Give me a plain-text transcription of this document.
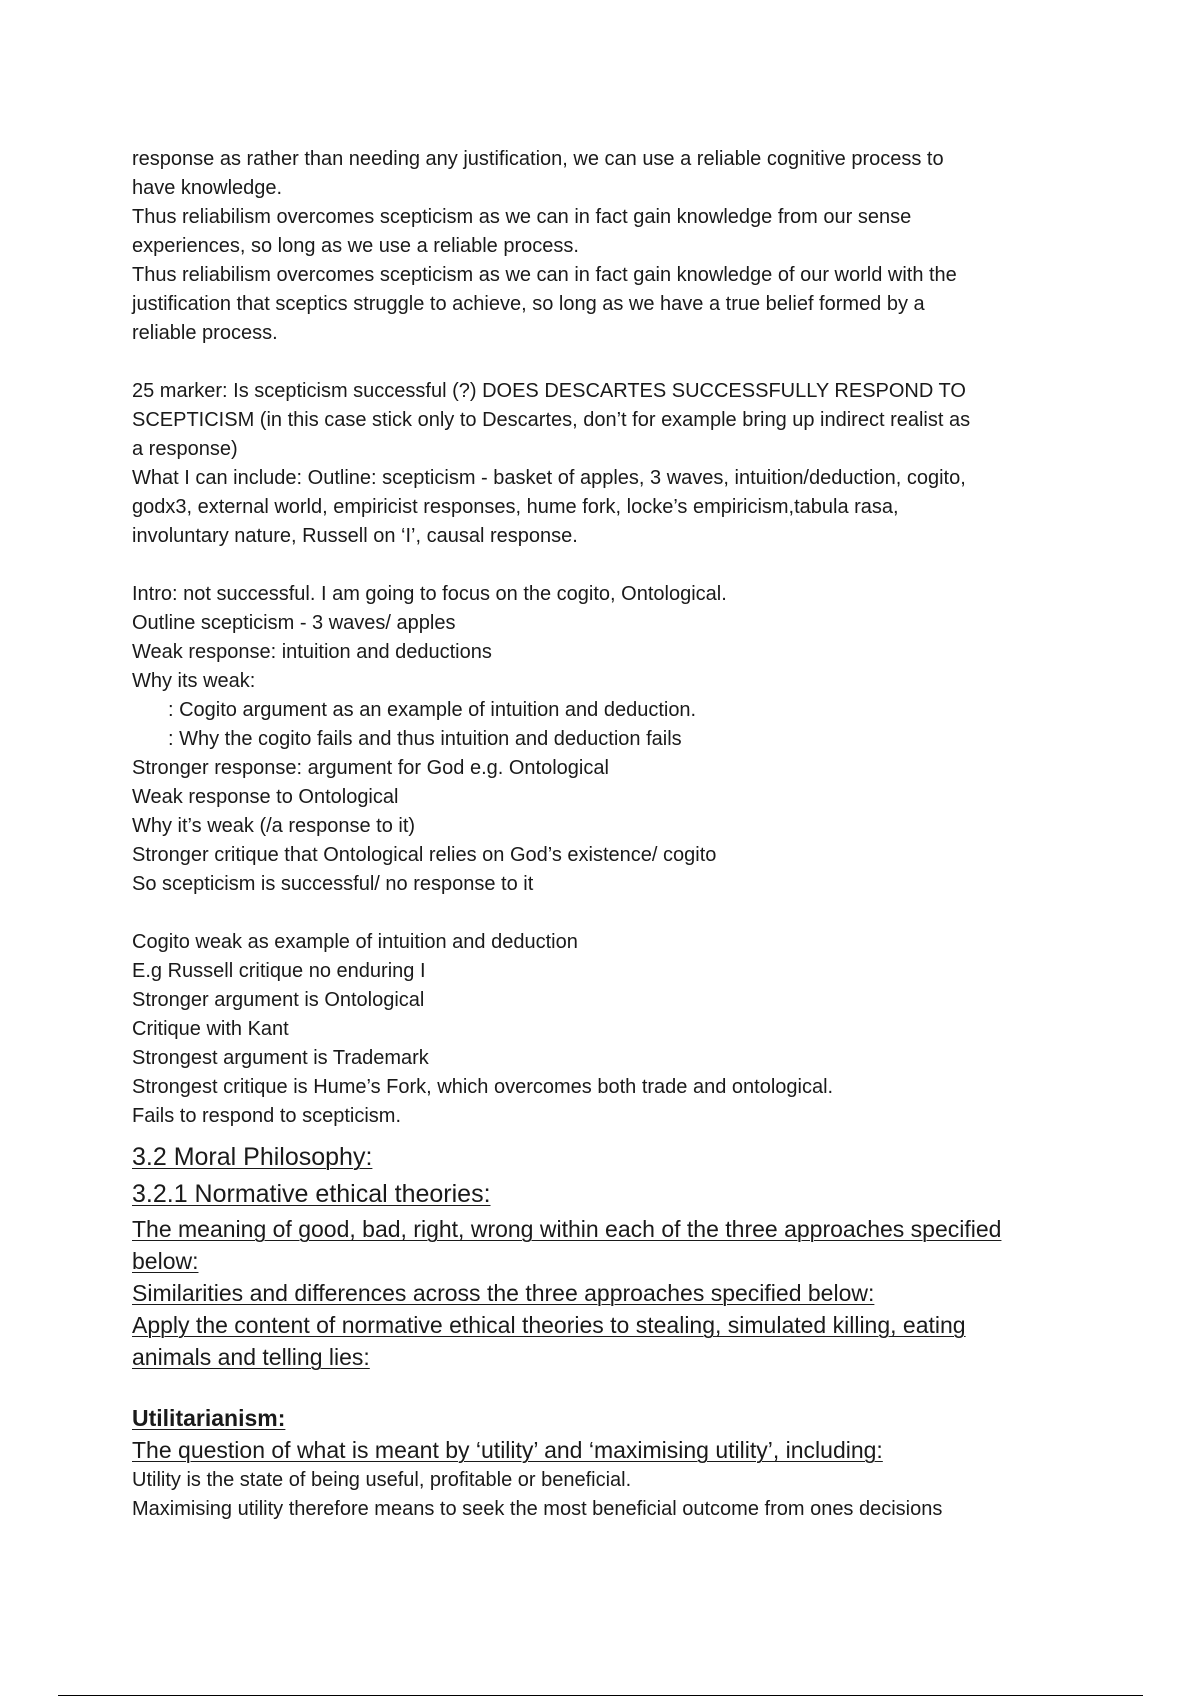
response as rather than needing any justification, we can use a reliable cognitive process to

have knowledge.

Thus reliabilism overcomes scepticism as we can in fact gain knowledge from our sense

experiences, so long as we use a reliable process.

Thus reliabilism overcomes scepticism as we can in fact gain knowledge of our world with the

justification that sceptics struggle to achieve, so long as we have a true belief formed by a

reliable process.

25 marker: Is scepticism successful (?) DOES DESCARTES SUCCESSFULLY RESPOND TO

SCEPTICISM (in this case stick only to Descartes, don’t for example bring up indirect realist as

a response)

What I can include: Outline: scepticism - basket of apples, 3 waves, intuition/deduction, cogito,

godx3, external world, empiricist responses, hume fork, locke’s empiricism,tabula rasa,

involuntary nature, Russell on ‘I’, causal response.

Intro: not successful. I am going to focus on the cogito, Ontological.

Outline scepticism - 3 waves/ apples

Weak response: intuition and deductions

Why its weak:

: Cogito argument as an example of intuition and deduction.

: Why the cogito fails and thus intuition and deduction fails

Stronger response: argument for God e.g. Ontological

Weak response to Ontological

Why it’s weak (/a response to it)

Stronger critique that Ontological relies on God’s existence/ cogito

So scepticism is successful/ no response to it

Cogito weak as example of intuition and deduction

E.g Russell critique no enduring I

Stronger argument is Ontological

Critique with Kant

Strongest argument is Trademark

Strongest critique is Hume’s Fork, which overcomes both trade and ontological.

Fails to respond to scepticism.

3.2 Moral Philosophy:

3.2.1 Normative ethical theories:

The meaning of good, bad, right, wrong within each of the three approaches specified

below:

Similarities and differences across the three approaches specified below:

Apply the content of normative ethical theories to stealing, simulated killing, eating

animals and telling lies:

Utilitarianism:

The question of what is meant by ‘utility’ and ‘maximising utility’, including:

Utility is the state of being useful, profitable or beneficial.

Maximising utility therefore means to seek the most beneficial outcome from ones decisions
